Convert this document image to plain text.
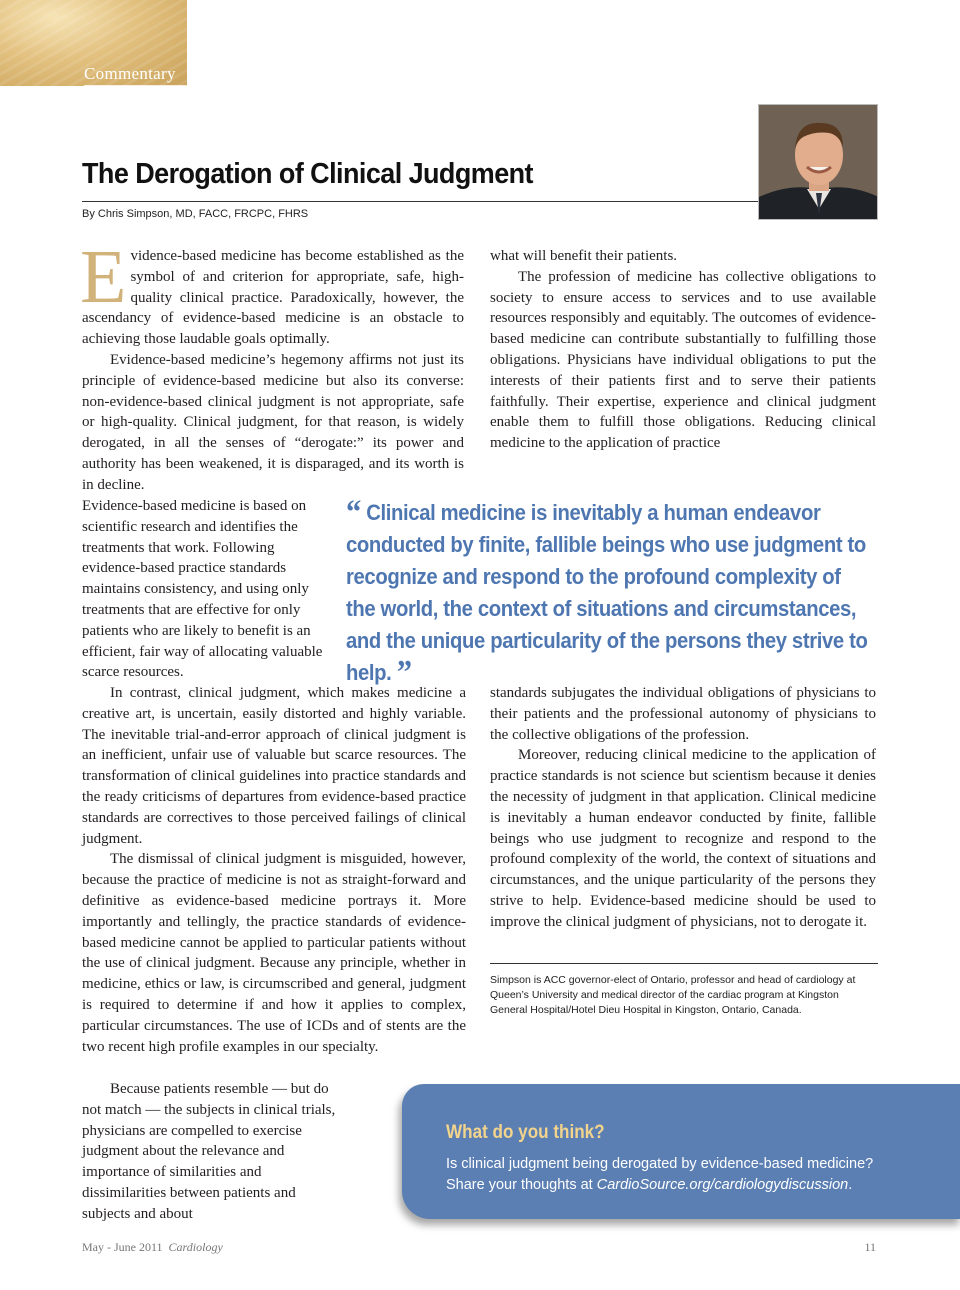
Commentary
The Derogation of Clinical Judgment
By Chris Simpson, MD, FACC, FRCPC, FHRS

Evidence-based medicine has become established as the symbol of and criterion for appropriate, safe, high-quality clinical practice. Paradoxically, however, the ascendancy of evidence-based medicine is an obstacle to achieving those laudable goals optimally.

Evidence-based medicine’s hegemony affirms not just its principle of evidence-based medicine but also its converse: non-evidence-based clinical judgment is not appropriate, safe or high-quality. Clinical judgment, for that reason, is widely derogated, in all the senses of “derogate:” its power and authority has been weakened, it is disparaged, and its worth is in decline.

Evidence-based medicine is based on scientific research and identifies the treatments that work. Following evidence-based practice standards maintains consistency, and using only treatments that are effective for only patients who are likely to benefit is an efficient, fair way of allocating valuable scarce resources.

what will benefit their patients.

The profession of medicine has collective obligations to society to ensure access to services and to use available resources responsibly and equitably. The outcomes of evidence-based medicine can contribute substantially to fulfilling those obligations. Physicians have individual obligations to put the interests of their patients first and to serve their patients faithfully. Their expertise, experience and clinical judgment enable them to fulfill those obligations. Reducing clinical medicine to the application of practice

“ Clinical medicine is inevitably a human endeavor conducted by finite, fallible beings who use judgment to recognize and respond to the profound complexity of the world, the context of situations and circumstances, and the unique particularity of the persons they strive to help. ”

In contrast, clinical judgment, which makes medicine a creative art, is uncertain, easily distorted and highly variable. The inevitable trial-and-error approach of clinical judgment is an inefficient, unfair use of valuable but scarce resources. The transformation of clinical guidelines into practice standards and the ready criticisms of departures from evidence-based practice standards are correctives to those perceived failings of clinical judgment.

The dismissal of clinical judgment is misguided, however, because the practice of medicine is not as straight-forward and definitive as evidence-based medicine portrays it. More importantly and tellingly, the practice standards of evidence-based medicine cannot be applied to particular patients without the use of clinical judgment. Because any principle, whether in medicine, ethics or law, is circumscribed and general, judgment is required to determine if and how it applies to complex, particular circumstances. The use of ICDs and of stents are the two recent high profile examples in our specialty.

Because patients resemble — but do not match — the subjects in clinical trials, physicians are compelled to exercise judgment about the relevance and importance of similarities and dissimilarities between patients and subjects and about

standards subjugates the individual obligations of physicians to their patients and the professional autonomy of physicians to the collective obligations of the profession.

Moreover, reducing clinical medicine to the application of practice standards is not science but scientism because it denies the necessity of judgment in that application. Clinical medicine is inevitably a human endeavor conducted by finite, fallible beings who use judgment to recognize and respond to the profound complexity of the world, the context of situations and circumstances, and the unique particularity of the persons they strive to help. Evidence-based medicine should be used to improve the clinical judgment of physicians, not to derogate it.

Simpson is ACC governor-elect of Ontario, professor and head of cardiology at Queen’s University and medical director of the cardiac program at Kingston General Hospital/Hotel Dieu Hospital in Kingston, Ontario, Canada.
What do you think?
Is clinical judgment being derogated by evidence-based medicine?
Share your thoughts at CardioSource.org/cardiologydiscussion.
May - June 2011 Cardiology	11
